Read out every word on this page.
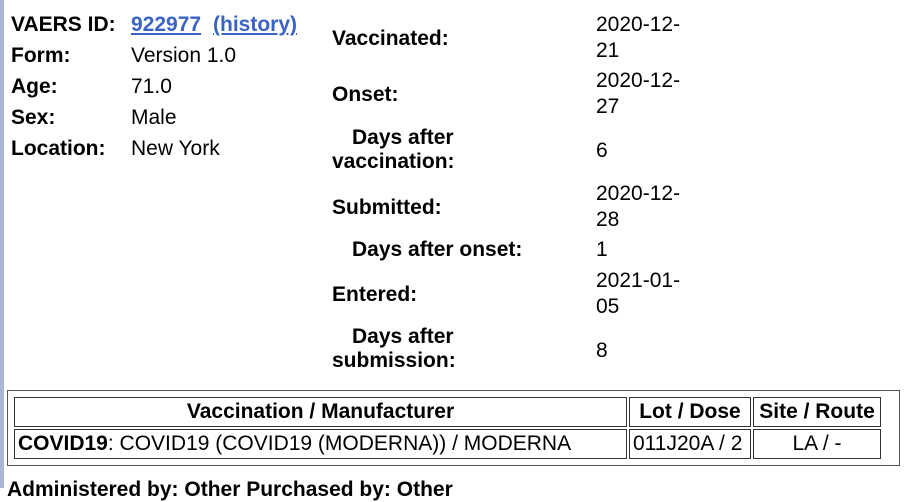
VAERS ID: 922977 (history)
Form:	Version 1.0
Age:	71.0
Sex:	Male
Location: New York
Vaccinated:
2020-12-
21
Onset:
2020-12-
27
Days after
vaccination:	6
Submitted:
2020-12-
28
Days after onset:	1
Entered:
2021-01-
05
Days after
submission:	8
Vaccination / Manufacturer	Lot / Dose	Site / Route
COVID19: COVID19 (COVID19 (MODERNA)) / MODERNA	011J20A / 2	LA / -
Administered by: Other Purchased by: Other
